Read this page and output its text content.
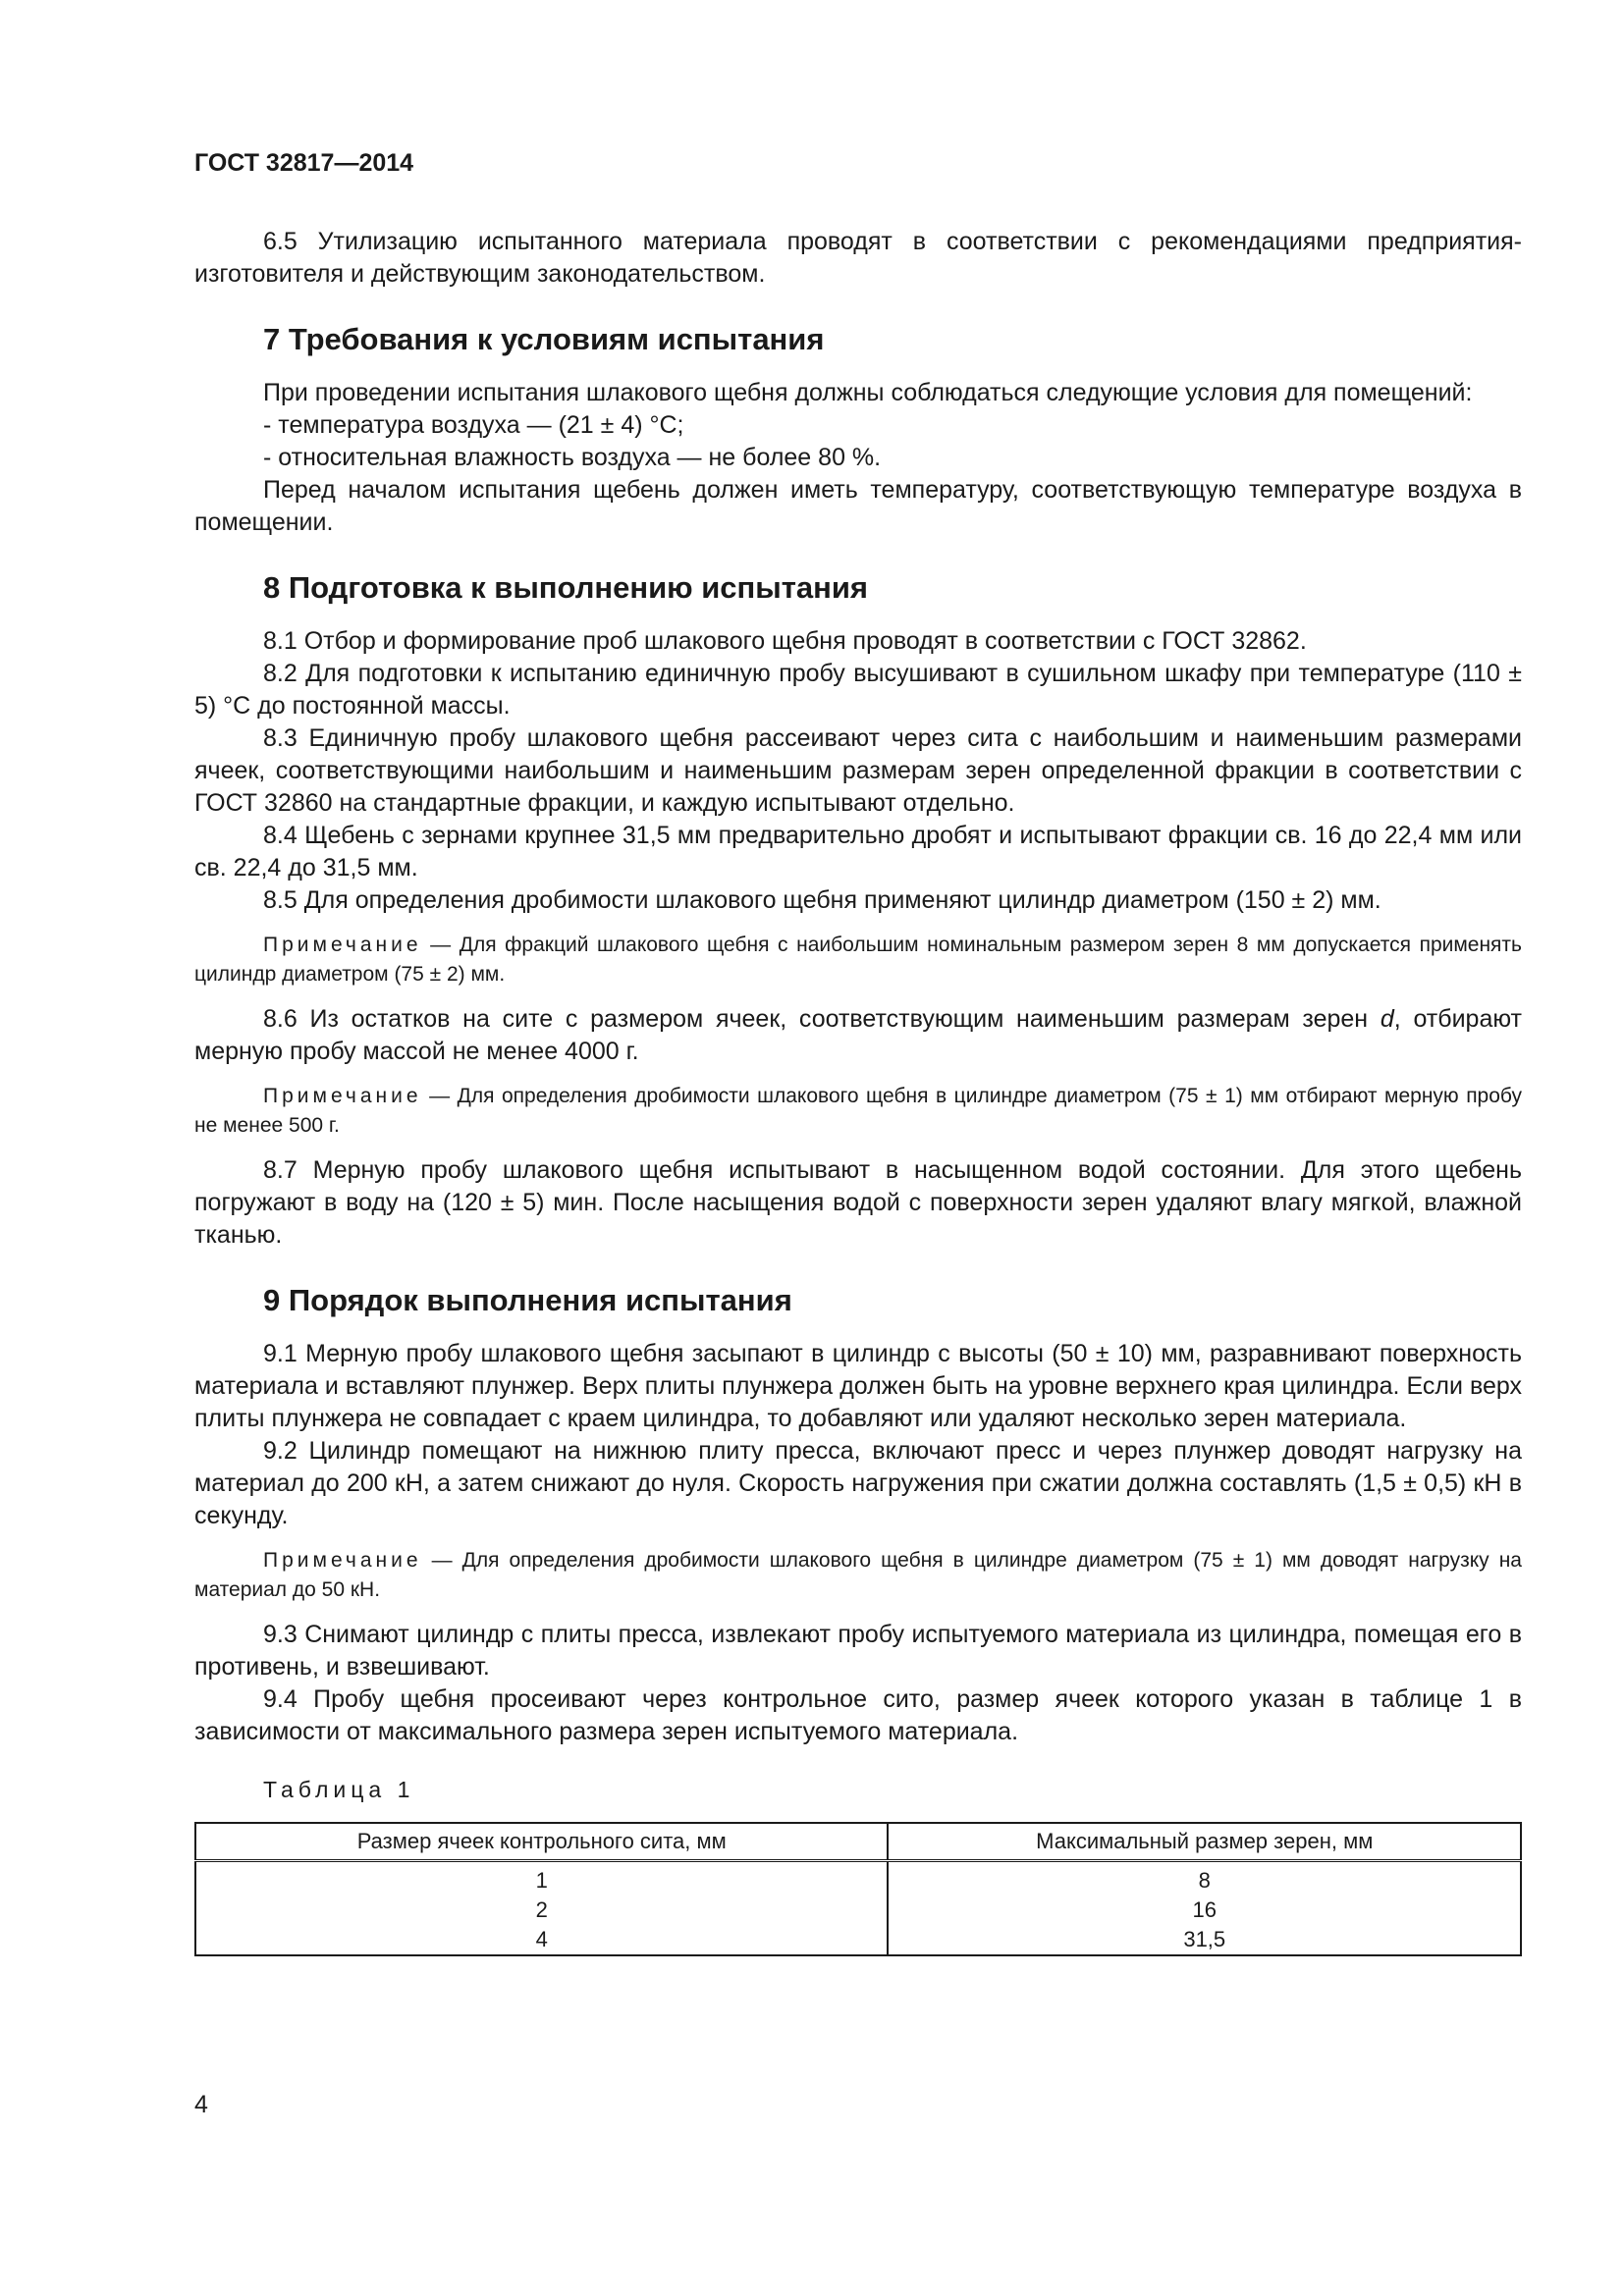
ГОСТ 32817—2014

6.5 Утилизацию испытанного материала проводят в соответствии с рекомендациями предприятия-изготовителя и действующим законодательством.

7 Требования к условиям испытания

При проведении испытания шлакового щебня должны соблюдаться следующие условия для помещений:

- температура воздуха — (21 ± 4) °С;

- относительная влажность воздуха — не более 80 %.

Перед началом испытания щебень должен иметь температуру, соответствующую температуре воздуха в помещении.

8 Подготовка к выполнению испытания

8.1 Отбор и формирование проб шлакового щебня проводят в соответствии с ГОСТ 32862.

8.2 Для подготовки к испытанию единичную пробу высушивают в сушильном шкафу при температуре (110 ± 5) °С до постоянной массы.

8.3 Единичную пробу шлакового щебня рассеивают через сита с наибольшим и наименьшим размерами ячеек, соответствующими наибольшим и наименьшим размерам зерен определенной фракции в соответствии с ГОСТ 32860 на стандартные фракции, и каждую испытывают отдельно.

8.4 Щебень с зернами крупнее 31,5 мм предварительно дробят и испытывают фракции св. 16 до 22,4 мм или св. 22,4 до 31,5 мм.

8.5 Для определения дробимости шлакового щебня применяют цилиндр диаметром (150 ± 2) мм.

Примечание — Для фракций шлакового щебня с наибольшим номинальным размером зерен 8 мм допускается применять цилиндр диаметром (75 ± 2) мм.

8.6 Из остатков на сите с размером ячеек, соответствующим наименьшим размерам зерен d, отбирают мерную пробу массой не менее 4000 г.

Примечание — Для определения дробимости шлакового щебня в цилиндре диаметром (75 ± 1) мм отбирают мерную пробу не менее 500 г.

8.7 Мерную пробу шлакового щебня испытывают в насыщенном водой состоянии. Для этого щебень погружают в воду на (120 ± 5) мин. После насыщения водой с поверхности зерен удаляют влагу мягкой, влажной тканью.

9 Порядок выполнения испытания

9.1 Мерную пробу шлакового щебня засыпают в цилиндр с высоты (50 ± 10) мм, разравнивают поверхность материала и вставляют плунжер. Верх плиты плунжера должен быть на уровне верхнего края цилиндра. Если верх плиты плунжера не совпадает с краем цилиндра, то добавляют или удаляют несколько зерен материала.

9.2 Цилиндр помещают на нижнюю плиту пресса, включают пресс и через плунжер доводят нагрузку на материал до 200 кН, а затем снижают до нуля. Скорость нагружения при сжатии должна составлять (1,5 ± 0,5) кН в секунду.

Примечание — Для определения дробимости шлакового щебня в цилиндре диаметром (75 ± 1) мм доводят нагрузку на материал до 50 кН.

9.3 Снимают цилиндр с плиты пресса, извлекают пробу испытуемого материала из цилиндра, помещая его в противень, и взвешивают.

9.4 Пробу щебня просеивают через контрольное сито, размер ячеек которого указан в таблице 1 в зависимости от максимального размера зерен испытуемого материала.

Таблица 1

Размер ячеек контрольного сита, мм	Максимальный размер зерен, мм
1	8
2	16
4	31,5
4
